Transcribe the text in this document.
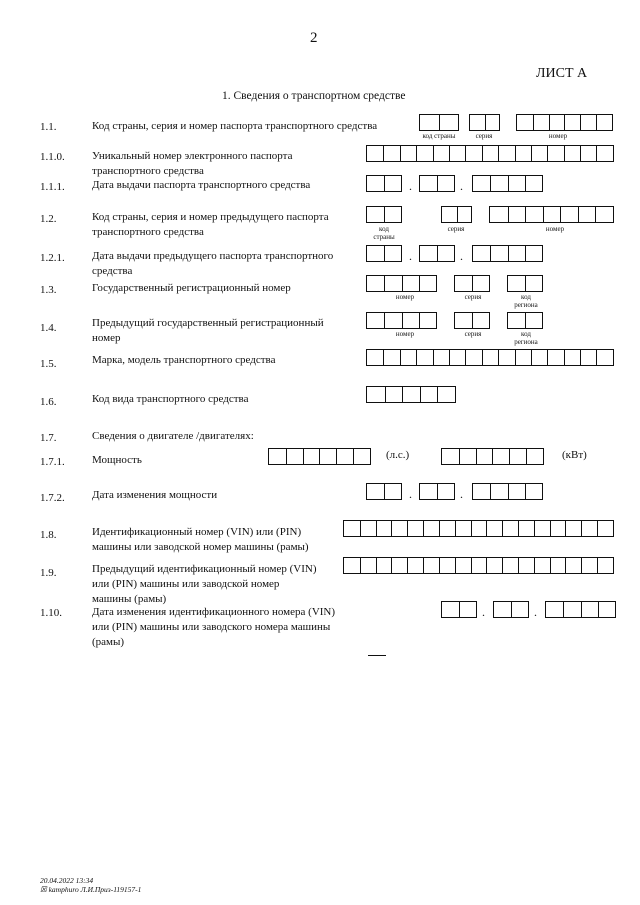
2
ЛИСТ А
1. Сведения о транспортном средстве
1.1.	Код страны, серия и номер паспорта транспортного средства
код страны	серия	номер
1.1.0. Уникальный номер электронного паспорта
транспортного средства
1.1.1. Дата выдачи паспорта транспортного средства	.	.
1.2.	Код страны, серия и номер предыдущего паспорта
транспортного средства	код
страны
серия	номер
1.2.1. Дата выдачи предыдущего паспорта транспортного
средства
.	.
1.3.	Государственный регистрационный номер
номер	серия	код
региона
1.4.	Предыдущий государственный регистрационный
номер	номер	серия	код
региона
1.5.	Марка, модель транспортного средства
1.6.	Код вида транспортного средства
1.7.	Сведения о двигателе /двигателях:
1.7.1. Мощность	(л.с.)	(кВт)
1.7.2. Дата изменения мощности	.	.
1.8.	Идентификационный номер (VIN) или (PIN)
машины или заводской номер машины (рамы)
1.9.	Предыдущий идентификационный номер (VIN)
или (PIN) машины или заводской номер
машины (рамы)
1.10.	Дата изменения идентификационного номера (VIN)
или (PIN) машины или заводского номера машины
(рамы)
.	.
20.04.2022 13:34
☒ kamphuro Л.И.Приз-119157-1
